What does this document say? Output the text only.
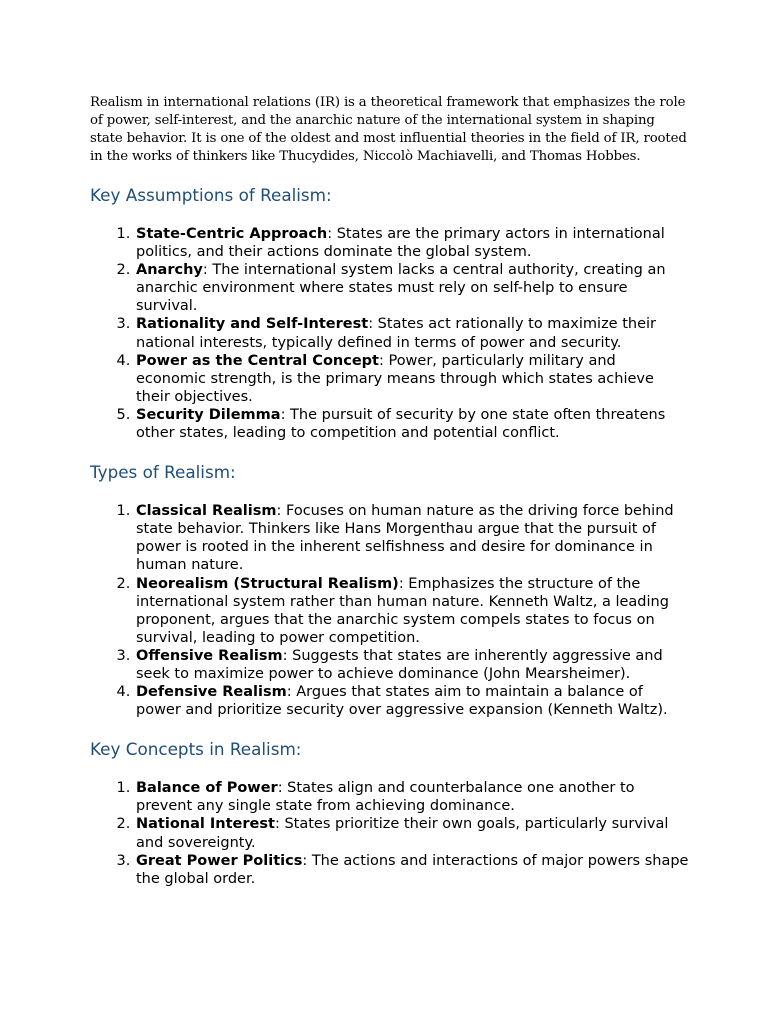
Realism in international relations (IR) is a theoretical framework that emphasizes the role of power, self-interest, and the anarchic nature of the international system in shaping state behavior. It is one of the oldest and most influential theories in the field of IR, rooted in the works of thinkers like Thucydides, Niccolò Machiavelli, and Thomas Hobbes.

Key Assumptions of Realism:
1. State-Centric Approach: States are the primary actors in international politics, and their actions dominate the global system.
2. Anarchy: The international system lacks a central authority, creating an anarchic environment where states must rely on self-help to ensure survival.
3. Rationality and Self-Interest: States act rationally to maximize their national interests, typically defined in terms of power and security.
4. Power as the Central Concept: Power, particularly military and economic strength, is the primary means through which states achieve their objectives.
5. Security Dilemma: The pursuit of security by one state often threatens other states, leading to competition and potential conflict.
Types of Realism:
1. Classical Realism: Focuses on human nature as the driving force behind state behavior. Thinkers like Hans Morgenthau argue that the pursuit of power is rooted in the inherent selfishness and desire for dominance in human nature.
2. Neorealism (Structural Realism): Emphasizes the structure of the international system rather than human nature. Kenneth Waltz, a leading proponent, argues that the anarchic system compels states to focus on survival, leading to power competition.
3. Offensive Realism: Suggests that states are inherently aggressive and seek to maximize power to achieve dominance (John Mearsheimer).
4. Defensive Realism: Argues that states aim to maintain a balance of power and prioritize security over aggressive expansion (Kenneth Waltz).
Key Concepts in Realism:
1. Balance of Power: States align and counterbalance one another to prevent any single state from achieving dominance.
2. National Interest: States prioritize their own goals, particularly survival and sovereignty.
3. Great Power Politics: The actions and interactions of major powers shape the global order.
